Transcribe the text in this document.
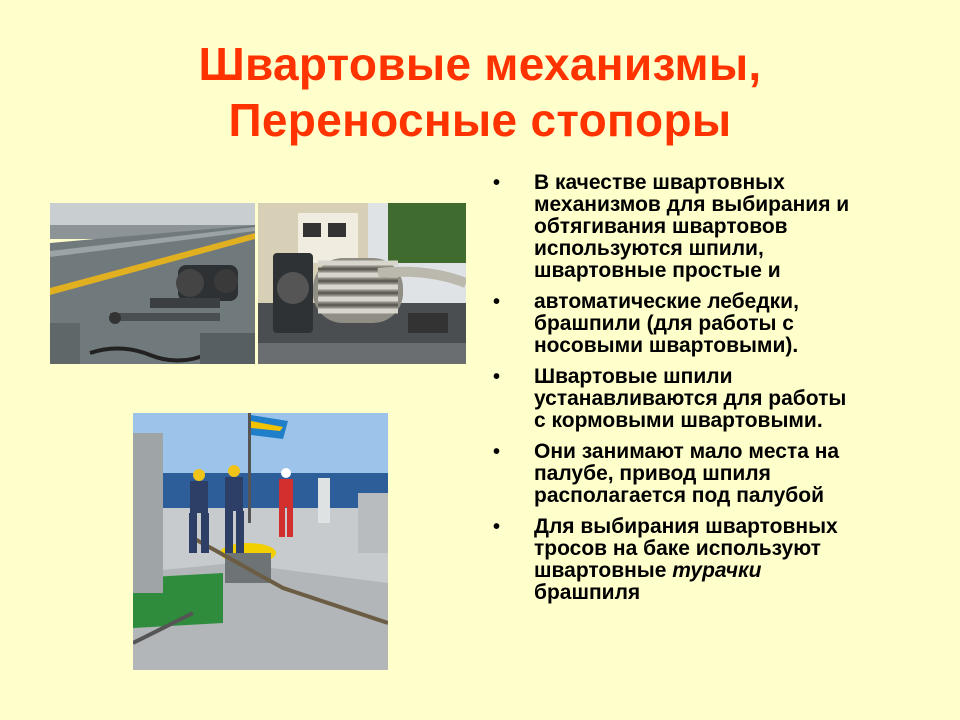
Швартовые механизмы,
Переносные стопоры
• В качестве швартовных
механизмов для выбирания и
обтягивания швартовов
используются шпили,
швартовные простые и
• автоматические лебедки,
брашпили (для работы с
носовыми швартовыми).
• Швартовые шпили
устанавливаются для работы
с кормовыми швартовыми.
• Они занимают мало места на
палубе, привод шпиля
располагается под палубой
• Для выбирания швартовных
тросов на баке используют
швартовные турачки
брашпиля
